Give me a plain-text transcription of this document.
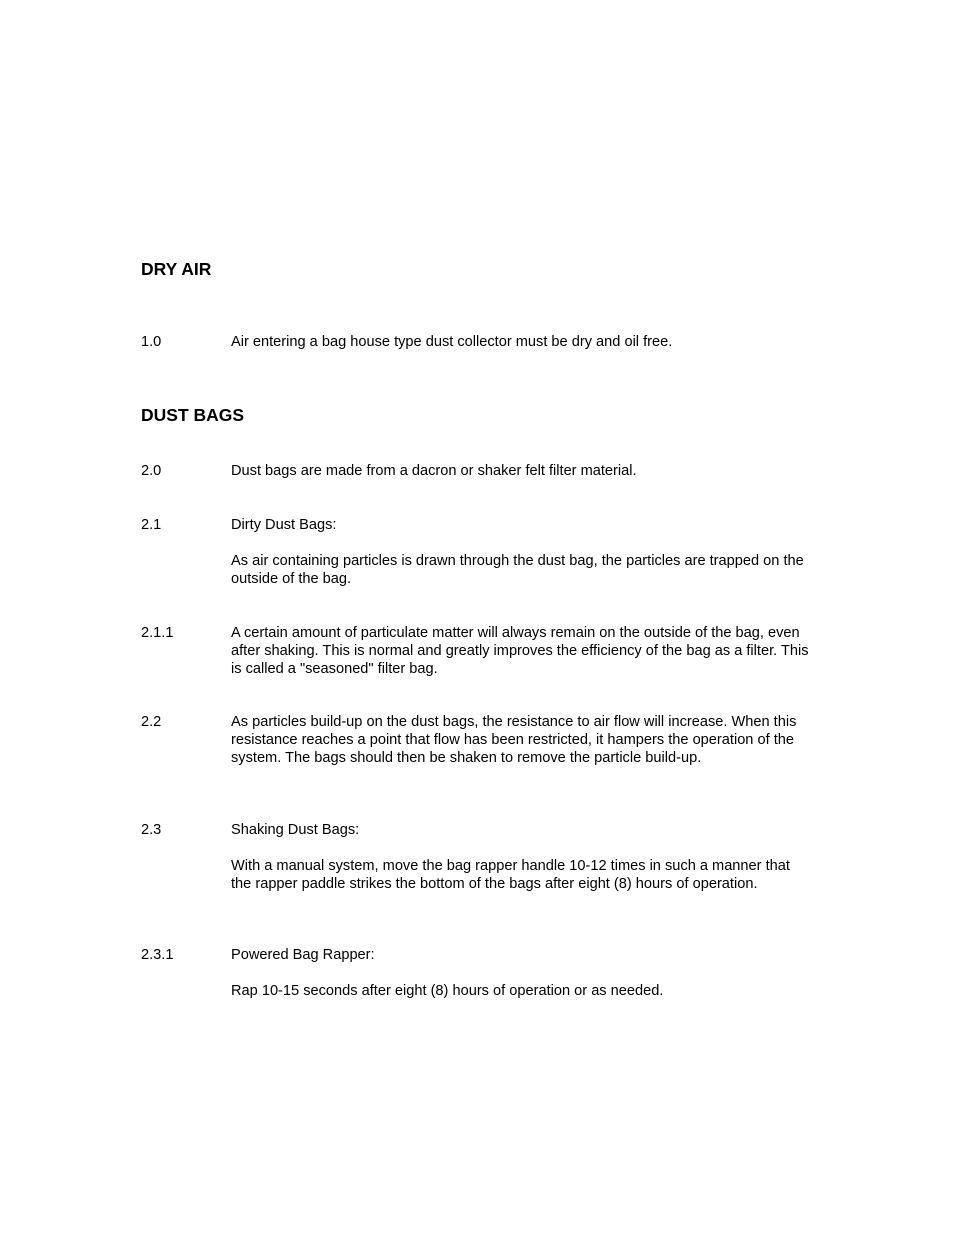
DRY AIR
1.0	Air entering a bag house type dust collector must be dry and oil free.
DUST BAGS
2.0	Dust bags are made from a dacron or shaker felt filter material.
2.1	Dirty Dust Bags:
As air containing particles is drawn through the dust bag, the particles are trapped on the outside of the bag.
2.1.1	A certain amount of particulate matter will always remain on the outside of the bag, even after shaking. This is normal and greatly improves the efficiency of the bag as a filter. This is called a "seasoned" filter bag.
2.2	As particles build-up on the dust bags, the resistance to air flow will increase. When this resistance reaches a point that flow has been restricted, it hampers the operation of the system. The bags should then be shaken to remove the particle build-up.
2.3	Shaking Dust Bags:
With a manual system, move the bag rapper handle 10-12 times in such a manner that the rapper paddle strikes the bottom of the bags after eight (8) hours of operation.
2.3.1	Powered Bag Rapper:
Rap 10-15 seconds after eight (8) hours of operation or as needed.
